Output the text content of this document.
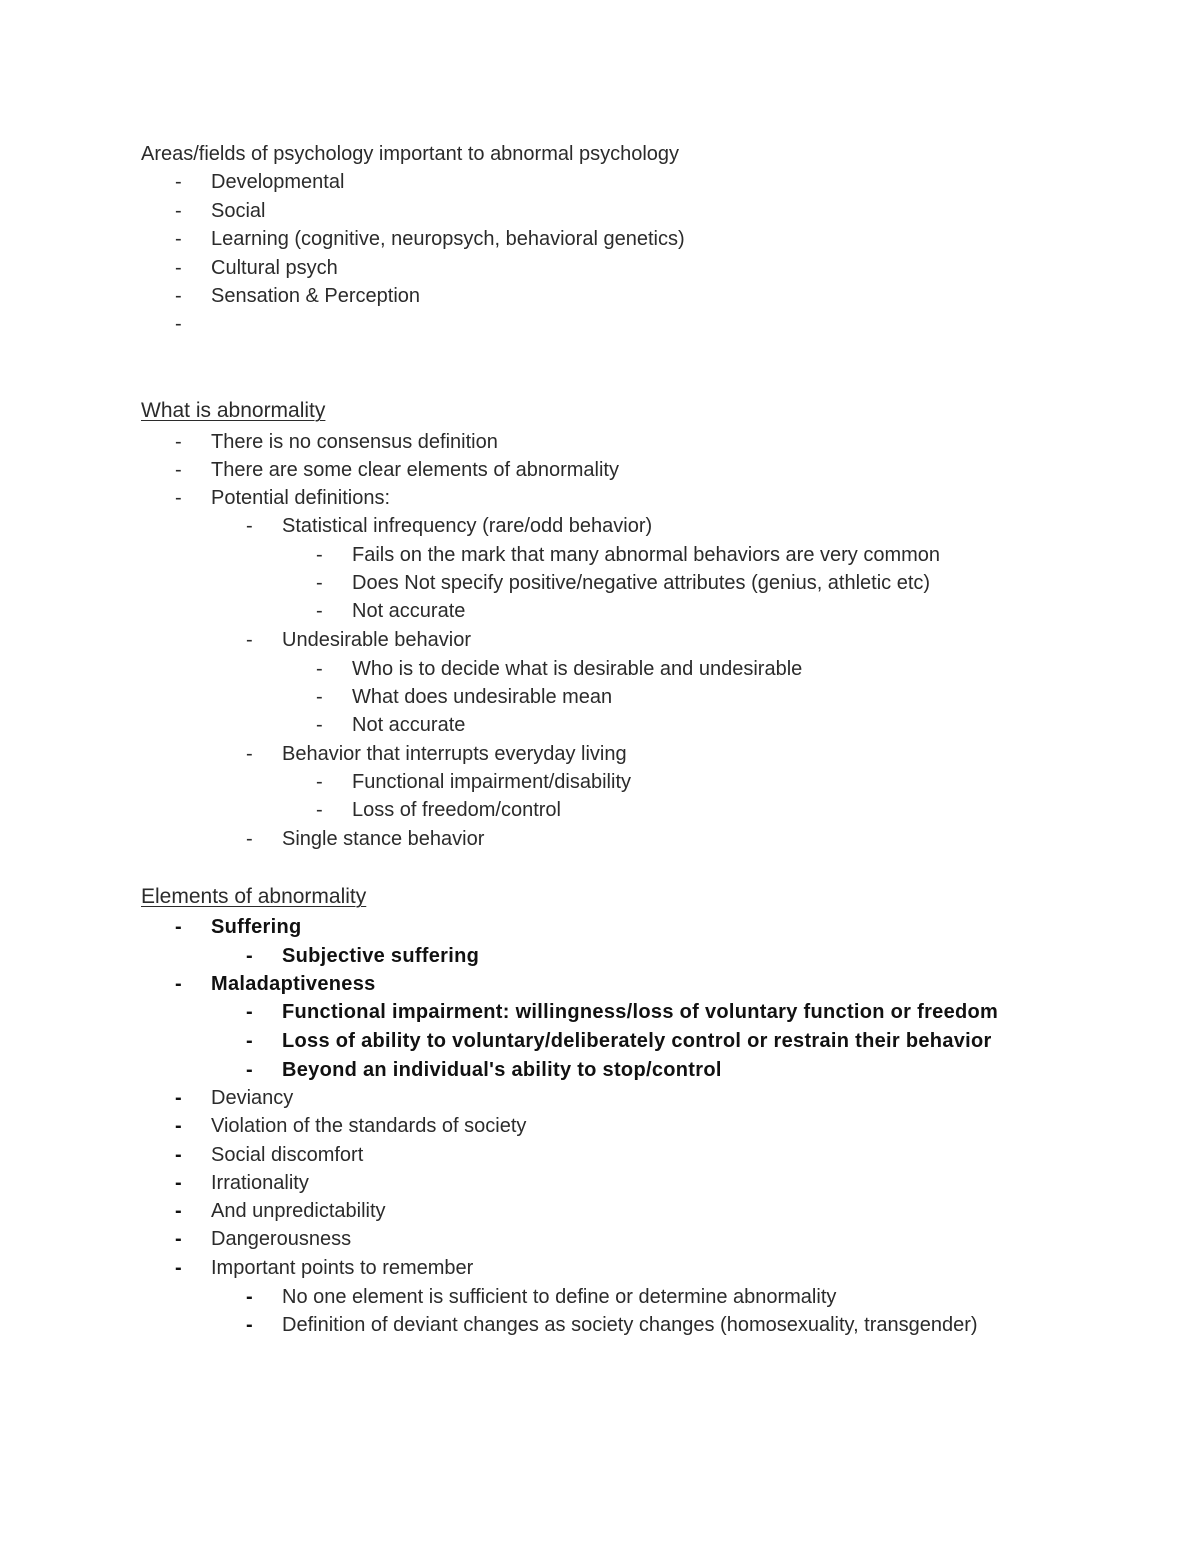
Areas/fields of psychology important to abnormal psychology
-	Developmental
-	Social
-	Learning (cognitive, neuropsych, behavioral genetics)
-	Cultural psych
-	Sensation & Perception
-
What is abnormality
-	There is no consensus definition
-	There are some clear elements of abnormality
-	Potential definitions:
-	Statistical infrequency (rare/odd behavior)
-	Fails on the mark that many abnormal behaviors are very common
-	Does Not specify positive/negative attributes (genius, athletic etc)
-	Not accurate
-	Undesirable behavior
-	Who is to decide what is desirable and undesirable
-	What does undesirable mean
-	Not accurate
-	Behavior that interrupts everyday living
-	Functional impairment/disability
-	Loss of freedom/control
-	Single stance behavior
Elements of abnormality
-	Suffering
-	Subjective suffering
-	Maladaptiveness
-	Functional impairment: willingness/loss of voluntary function or freedom
-	Loss of ability to voluntary/deliberately control or restrain their behavior
-	Beyond an individual's ability to stop/control
-	Deviancy
-	Violation of the standards of society
-	Social discomfort
-	Irrationality
-	And unpredictability
-	Dangerousness
-	Important points to remember
-	No one element is sufficient to define or determine abnormality
-	Definition of deviant changes as society changes (homosexuality, transgender)
